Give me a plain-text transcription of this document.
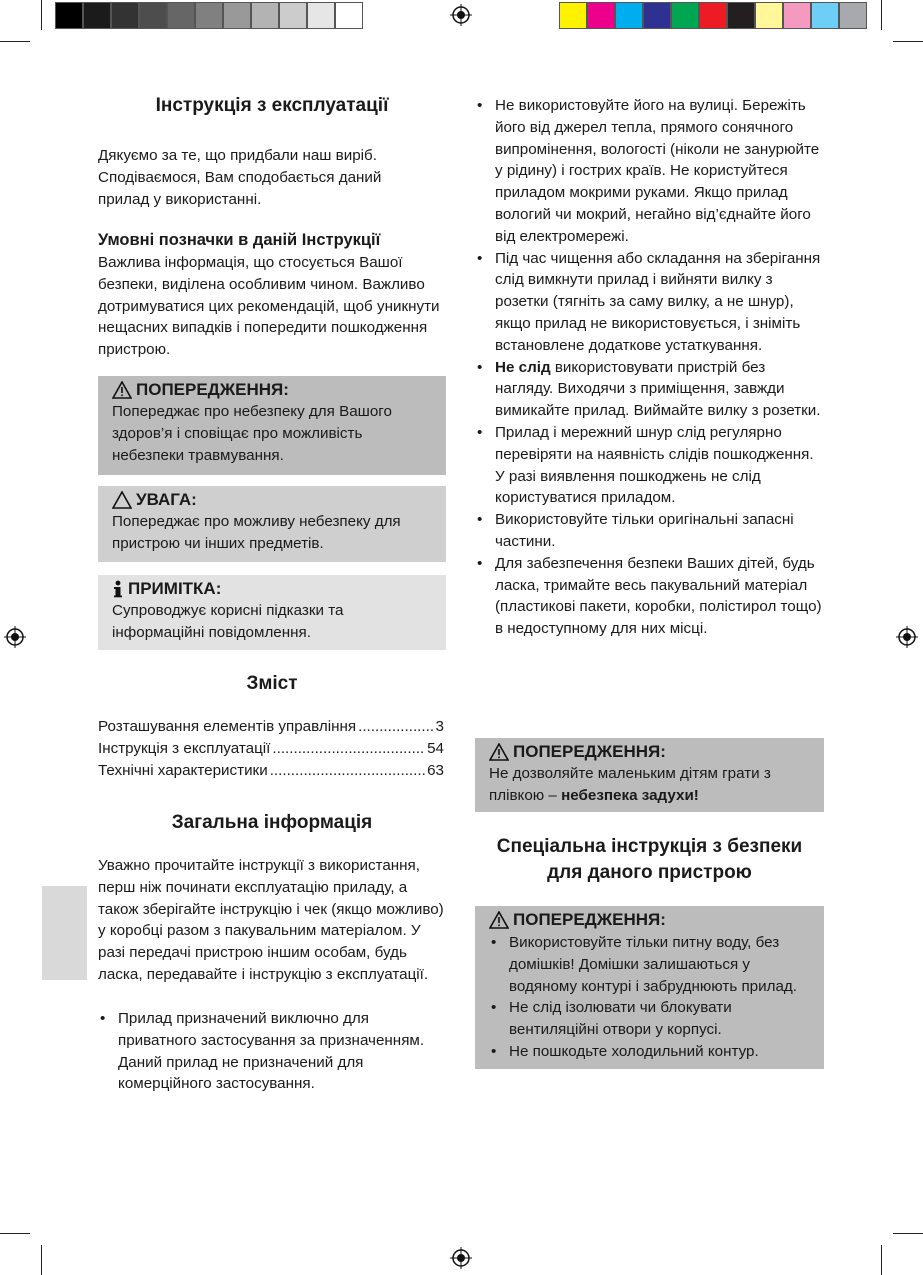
Інструкція з експлуатації
Дякуємо за те, що придбали наш виріб. Сподіваємося, Вам сподобається даний прилад у використанні.
Умовні позначки в даній Інструкції
Важлива інформація, що стосується Вашої безпеки, виділена особливим чином. Важливо дотримуватися цих рекомендацій, щоб уникнути нещасних випадків і попередити пошкодження пристрою.
ПОПЕРЕДЖЕННЯ:
Попереджає про небезпеку для Вашого здоров’я і сповіщає про можливість небезпеки травмування.
УВАГА:
Попереджає про можливу небезпеку для пристрою чи інших предметів.
ПРИМІТКА:
Супроводжує корисні підказки та інформаційні повідомлення.
Зміст
Розташування елементів управління .....	3
Інструкція з експлуатації .....	54
Технічні характеристики .....	63
Загальна інформація
Уважно прочитайте інструкції з використання, перш ніж починати експлуатацію приладу, а також зберігайте інструкцію і чек (якщо можливо) у коробці разом з пакувальним матеріалом. У разі передачі пристрою іншим особам, будь ласка, передавайте і інструкцію з експлуатації.
• Прилад призначений виключно для приватного застосування за призначенням. Даний прилад не призначений для комерційного застосування.
• Не використовуйте його на вулиці. Бережіть його від джерел тепла, прямого сонячного випромінення, вологості (ніколи не занурюйте у рідину) і гострих країв. Не користуйтеся приладом мокрими руками. Якщо прилад вологий чи мокрий, негайно від’єднайте його від електромережі.
• Під час чищення або складання на зберігання слід вимкнути прилад і вийняти вилку з розетки (тягніть за саму вилку, а не шнур), якщо прилад не використовується, і зніміть встановлене додаткове устаткування.
• Не слід використовувати пристрій без нагляду. Виходячи з приміщення, завжди вимикайте прилад. Виймайте вилку з розетки.
• Прилад і мережний шнур слід регулярно перевіряти на наявність слідів пошкодження. У разі виявлення пошкоджень не слід користуватися приладом.
• Використовуйте тільки оригінальні запасні частини.
• Для забезпечення безпеки Ваших дітей, будь ласка, тримайте весь пакувальний матеріал (пластикові пакети, коробки, полістирол тощо) в недоступному для них місці.
ПОПЕРЕДЖЕННЯ:
Не дозволяйте маленьким дітям грати з плівкою – небезпека задухи!
Спеціальна інструкція з безпеки
для даного пристрою
ПОПЕРЕДЖЕННЯ:
• Використовуйте тільки питну воду, без домішків! Домішки залишаються у водяному контурі і забруднюють прилад.
• Не слід ізолювати чи блокувати вентиляційні отвори у корпусі.
• Не пошкодьте холодильний контур.
